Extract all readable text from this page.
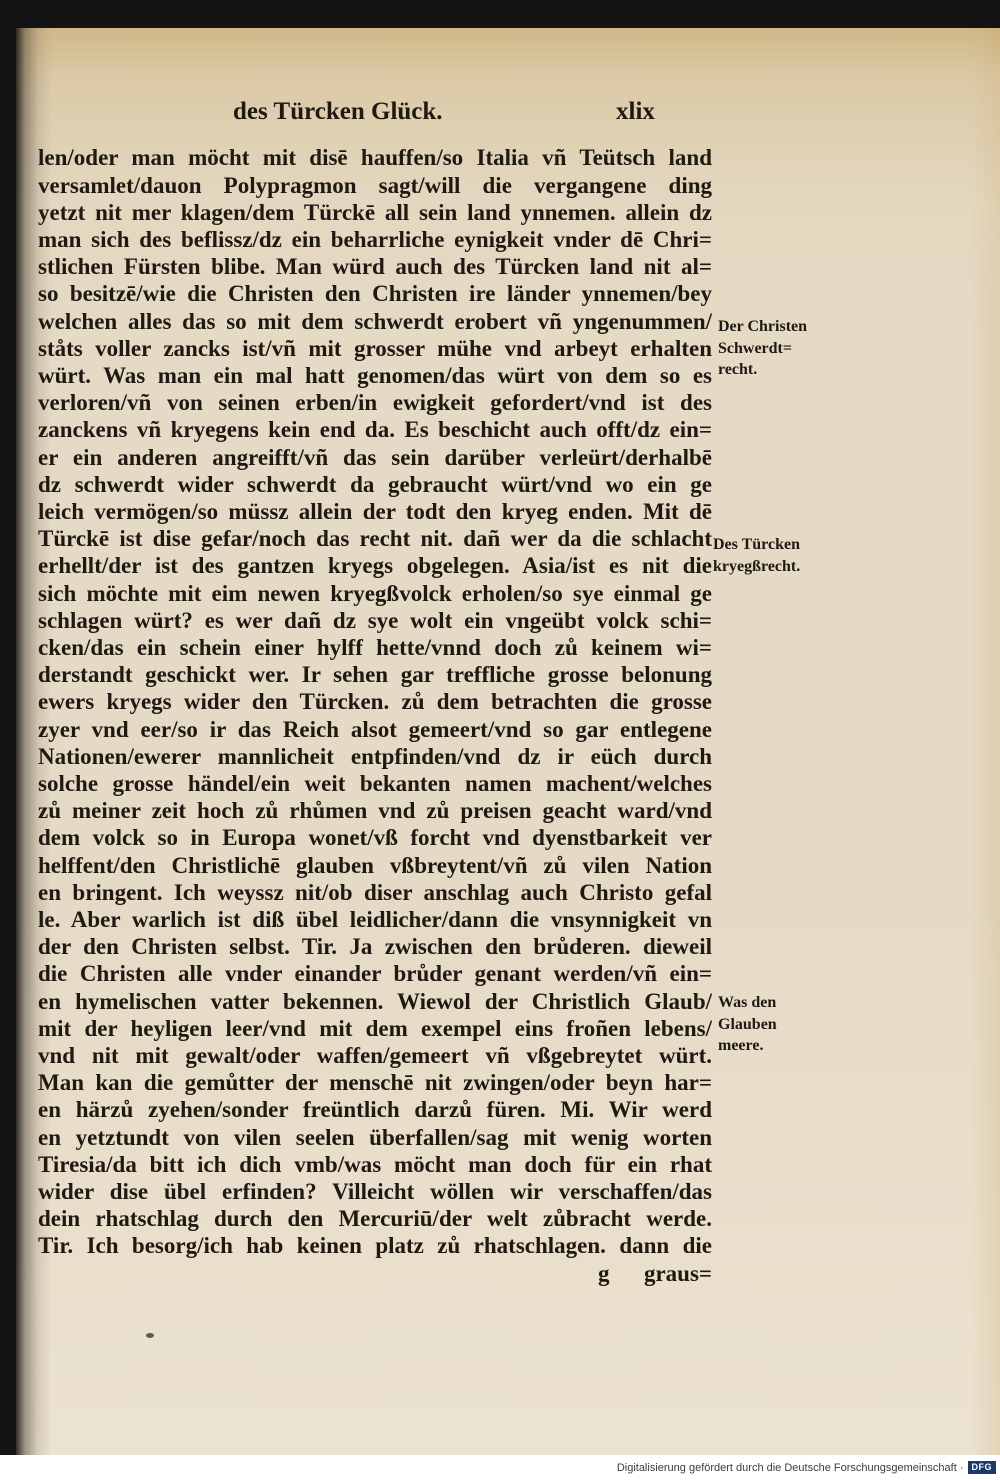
des Türcken Glück.	xlix
len/oder man möcht mit disē hauffen/so Italia vñ Teütsch land
versamlet/dauon Polypragmon sagt/will die vergangene ding
yetzt nit mer klagen/dem Türckē all sein land ynnemen. allein dz
man sich des beflissz/dz ein beharrliche eynigkeit vnder dē Chri=
stlichen Fürsten blibe. Man würd auch des Türcken land nit al=
so besitzē/wie die Christen den Christen ire länder ynnemen/bey
welchen alles das so mit dem schwerdt erobert vñ yngenummen/
ståts voller zancks ist/vñ mit grosser mühe vnd arbeyt erhalten
würt. Was man ein mal hatt genomen/das würt von dem so es
verloren/vñ von seinen erben/in ewigkeit gefordert/vnd ist des
zanckens vñ kryegens kein end da. Es beschicht auch offt/dz ein=
er ein anderen angreifft/vñ das sein darüber verleürt/derhalbē
dz schwerdt wider schwerdt da gebraucht würt/vnd wo ein ge
leich vermögen/so müssz allein der todt den kryeg enden. Mit dē
Türckē ist dise gefar/noch das recht nit. dañ wer da die schlacht
erhellt/der ist des gantzen kryegs obgelegen. Asia/ist es nit die
sich möchte mit eim newen kryegßvolck erholen/so sye einmal ge
schlagen würt? es wer dañ dz sye wolt ein vngeübt volck schi=
cken/das ein schein einer hylff hette/vnnd doch zů keinem wi=
derstandt geschickt wer. Ir sehen gar treffliche grosse belonung
ewers kryegs wider den Türcken. zů dem betrachten die grosse
zyer vnd eer/so ir das Reich alsot gemeert/vnd so gar entlegene
Nationen/ewerer mannlicheit entpfinden/vnd dz ir eüch durch
solche grosse händel/ein weit bekanten namen machent/welches
zů meiner zeit hoch zů rhůmen vnd zů preisen geacht ward/vnd
dem volck so in Europa wonet/vß forcht vnd dyenstbarkeit ver
helffent/den Christlichē glauben vßbreytent/vñ zů vilen Nation
en bringent. Ich weyssz nit/ob diser anschlag auch Christo gefal
le. Aber warlich ist diß übel leidlicher/dann die vnsynnigkeit vn
der den Christen selbst. Tir. Ja zwischen den brůderen. dieweil
die Christen alle vnder einander brůder genant werden/vñ ein=
en hymelischen vatter bekennen. Wiewol der Christlich Glaub/
mit der heyligen leer/vnd mit dem exempel eins froñen lebens/
vnd nit mit gewalt/oder waffen/gemeert vñ vßgebreytet würt.
Man kan die gemůtter der menschē nit zwingen/oder beyn har=
en härzů zyehen/sonder freüntlich darzů füren. Mi. Wir werd
en yetztundt von vilen seelen überfallen/sag mit wenig worten
Tiresia/da bitt ich dich vmb/was möcht man doch für ein rhat
wider dise übel erfinden? Villeicht wöllen wir verschaffen/das
dein rhatschlag durch den Mercuriū/der welt zůbracht werde.
Tir. Ich besorg/ich hab keinen platz zů rhatschlagen. dann die
Der Christen
Schwerdt=
recht.
Des Türcken
kryegßrecht.
Was den
Glauben
meere.
g graus=
Digitalisierung gefördert durch die Deutsche Forschungsgemeinschaft · DFG
